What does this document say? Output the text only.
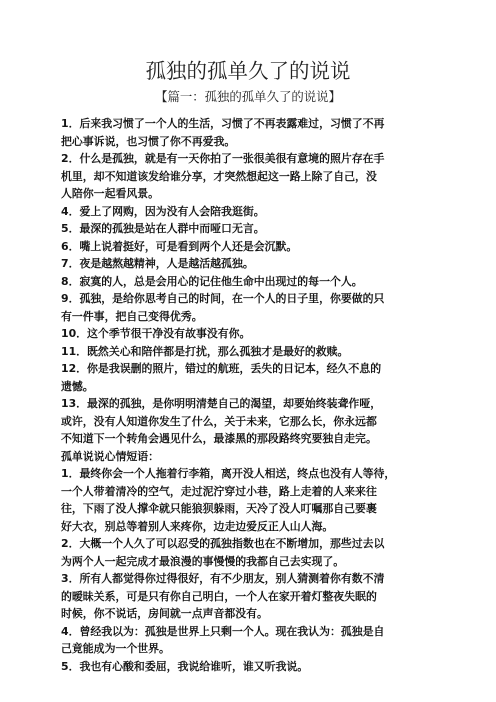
孤独的孤单久了的说说
【篇一：孤独的孤单久了的说说】
1．后来我习惯了一个人的生活，习惯了不再表露难过，习惯了不再
把心事诉说，也习惯了你不再爱我。
2．什么是孤独，就是有一天你拍了一张很美很有意境的照片存在手
机里，却不知道该发给谁分享，才突然想起这一路上除了自己，没
人陪你一起看风景。
4．爱上了网购，因为没有人会陪我逛街。
5．最深的孤独是站在人群中而哑口无言。
6．嘴上说着挺好，可是看到两个人还是会沉默。
7．夜是越熬越精神，人是越活越孤独。
8．寂寞的人，总是会用心的记住他生命中出现过的每一个人。
9．孤独，是给你思考自己的时间，在一个人的日子里，你要做的只
有一件事，把自己变得优秀。
10．这个季节很干净没有故事没有你。
11．既然关心和陪伴都是打扰，那么孤独才是最好的救赎。
12．你是我误删的照片，错过的航班，丢失的日记本，经久不息的
遗憾。
13．最深的孤独，是你明明清楚自己的渴望，却要始终装聋作哑，
或许，没有人知道你发生了什么，关于未来，它那么长，你永远都
不知道下一个转角会遇见什么，最漆黑的那段路终究要独自走完。
孤单说说心情短语：
1．最终你会一个人拖着行李箱，离开没人相送，终点也没有人等待，
一个人带着清冷的空气，走过泥泞穿过小巷，路上走着的人来来往
往，下雨了没人撑伞就只能狼狈躲雨，天冷了没人叮嘱那自己要裹
好大衣，别总等着别人来疼你，边走边爱反正人山人海。
2．大概一个人久了可以忍受的孤独指数也在不断增加，那些过去以
为两个人一起完成才最浪漫的事慢慢的我都自己去实现了。
3．所有人都觉得你过得很好，有不少朋友，别人猜测着你有数不清
的暧昧关系，可是只有你自己明白，一个人在家开着灯整夜失眠的
时候，你不说话，房间就一点声音都没有。
4．曾经我以为：孤独是世界上只剩一个人。现在我认为：孤独是自
己竟能成为一个世界。
5．我也有心酸和委屈，我说给谁听，谁又听我说。
